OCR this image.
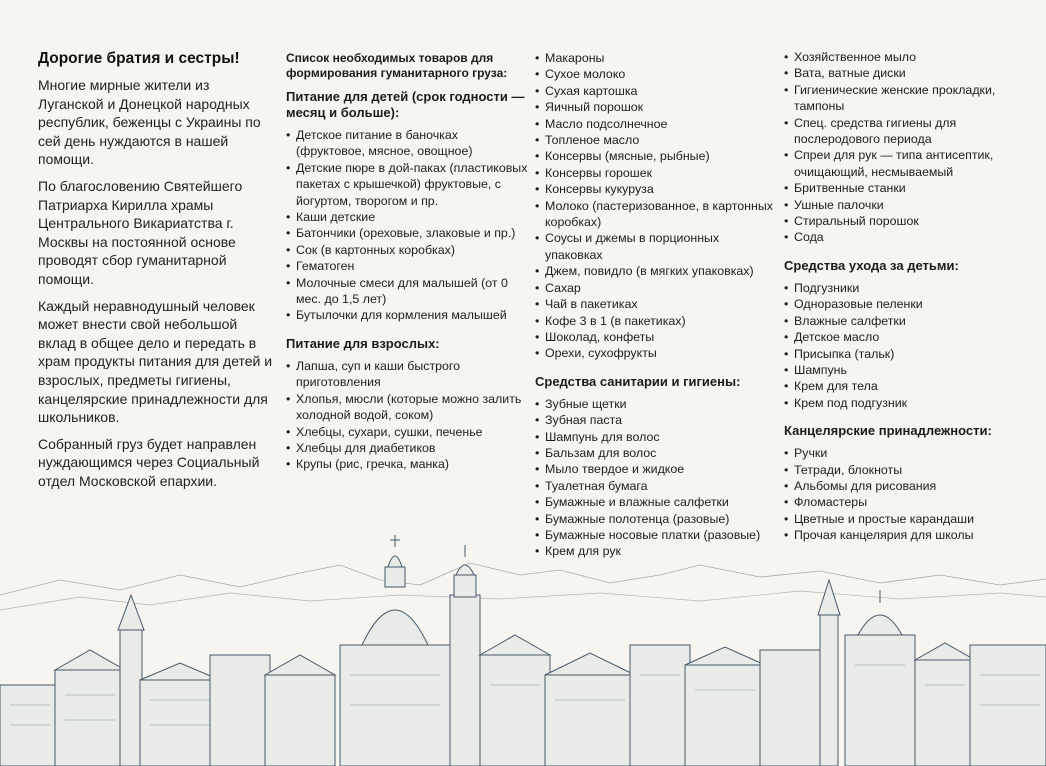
Дорогие братия и сестры!
Многие мирные жители из Луганской и Донецкой народных республик, беженцы с Украины по сей день нуждаются в нашей помощи.
По благословению Святейшего Патриарха Кирилла храмы Центрального Викариатства г. Москвы на постоянной основе проводят сбор гуманитарной помощи.
Каждый неравнодушный человек может внести свой небольшой вклад в общее дело и передать в храм продукты питания для детей и взрослых, предметы гигиены, канцелярские принадлежности для школьников.
Собранный груз будет направлен нуждающимся через Социальный отдел Московской епархии.
Список необходимых товаров для формирования гуманитарного груза:
Питание для детей (срок годности — месяц и больше):
• Детское питание в баночках (фруктовое, мясное, овощное)
• Детские пюре в дой-паках (пластиковых пакетах с крышечкой) фруктовые, с йогуртом, творогом и пр.
• Каши детские
• Батончики (ореховые, злаковые и пр.)
• Сок (в картонных коробках)
• Гематоген
• Молочные смеси для малышей (от 0 мес. до 1,5 лет)
• Бутылочки для кормления малышей
Питание для взрослых:
• Лапша, суп и каши быстрого приготовления
• Хлопья, мюсли (которые можно залить холодной водой, соком)
• Хлебцы, сухари, сушки, печенье
• Хлебцы для диабетиков
• Крупы (рис, гречка, манка)
• Макароны
• Сухое молоко
• Сухая картошка
• Яичный порошок
• Масло подсолнечное
• Топленое масло
• Консервы (мясные, рыбные)
• Консервы горошек
• Консервы кукуруза
• Молоко (пастеризованное, в картонных коробках)
• Соусы и джемы в порционных упаковках
• Джем, повидло (в мягких упаковках)
• Сахар
• Чай в пакетиках
• Кофе 3 в 1 (в пакетиках)
• Шоколад, конфеты
• Орехи, сухофрукты
Средства санитарии и гигиены:
• Зубные щетки
• Зубная паста
• Шампунь для волос
• Бальзам для волос
• Мыло твердое и жидкое
• Туалетная бумага
• Бумажные и влажные салфетки
• Бумажные полотенца (разовые)
• Бумажные носовые платки (разовые)
• Крем для рук
• Хозяйственное мыло
• Вата, ватные диски
• Гигиенические женские прокладки, тампоны
• Спец. средства гигиены для послеродового периода
• Спреи для рук — типа антисептик, очищающий, несмываемый
• Бритвенные станки
• Ушные палочки
• Стиральный порошок
• Сода
Средства ухода за детьми:
• Подгузники
• Одноразовые пеленки
• Влажные салфетки
• Детское масло
• Присыпка (тальк)
• Шампунь
• Крем для тела
• Крем под подгузник
Канцелярские принадлежности:
• Ручки
• Тетради, блокноты
• Альбомы для рисования
• Фломастеры
• Цветные и простые карандаши
• Прочая канцелярия для школы
